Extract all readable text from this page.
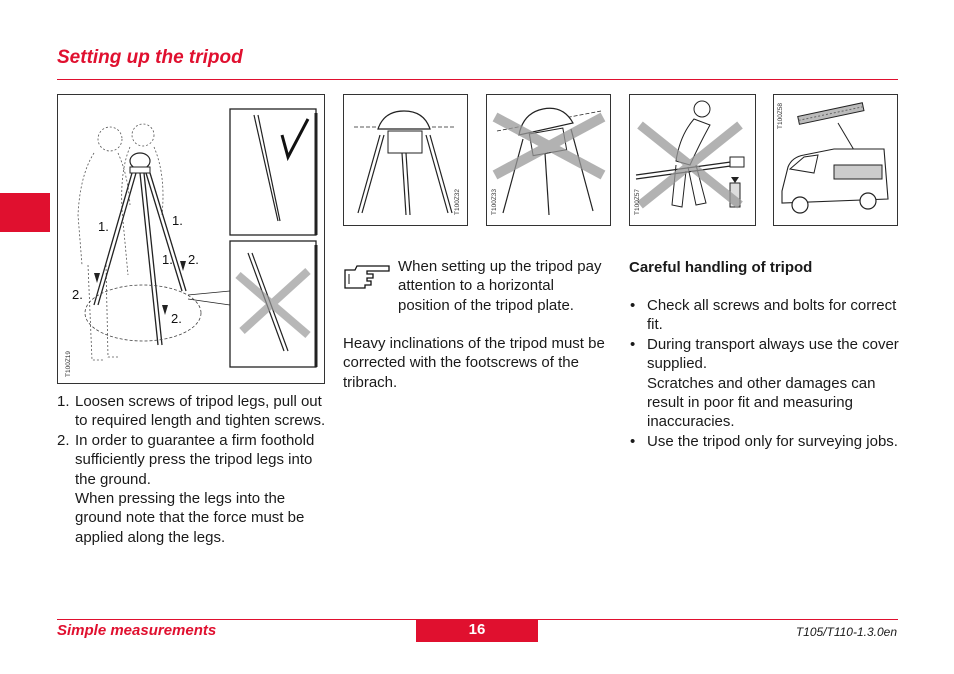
Setting up the tripod
1.	1.
1. 2.
2.
2.
T100Z19
T100Z32	T100Z33	T100Z57
T100Z58
1. Loosen screws of tripod legs, pull out to required length and tighten screws.
2. In order to guarantee a firm foothold sufficiently press the tripod legs into the ground.
When pressing the legs into the ground note that the force must be applied along the legs.
When setting up the tripod pay attention to a horizontal position of the tripod plate.
Heavy inclinations of the tripod must be corrected with the footscrews of the tribrach.
Careful handling of tripod
• Check all screws and bolts for correct fit.
• During transport always use the cover supplied.
Scratches and other damages can result in poor fit and measuring inaccuracies.
• Use the tripod only for surveying jobs.
Simple measurements	16	T105/T110-1.3.0en
